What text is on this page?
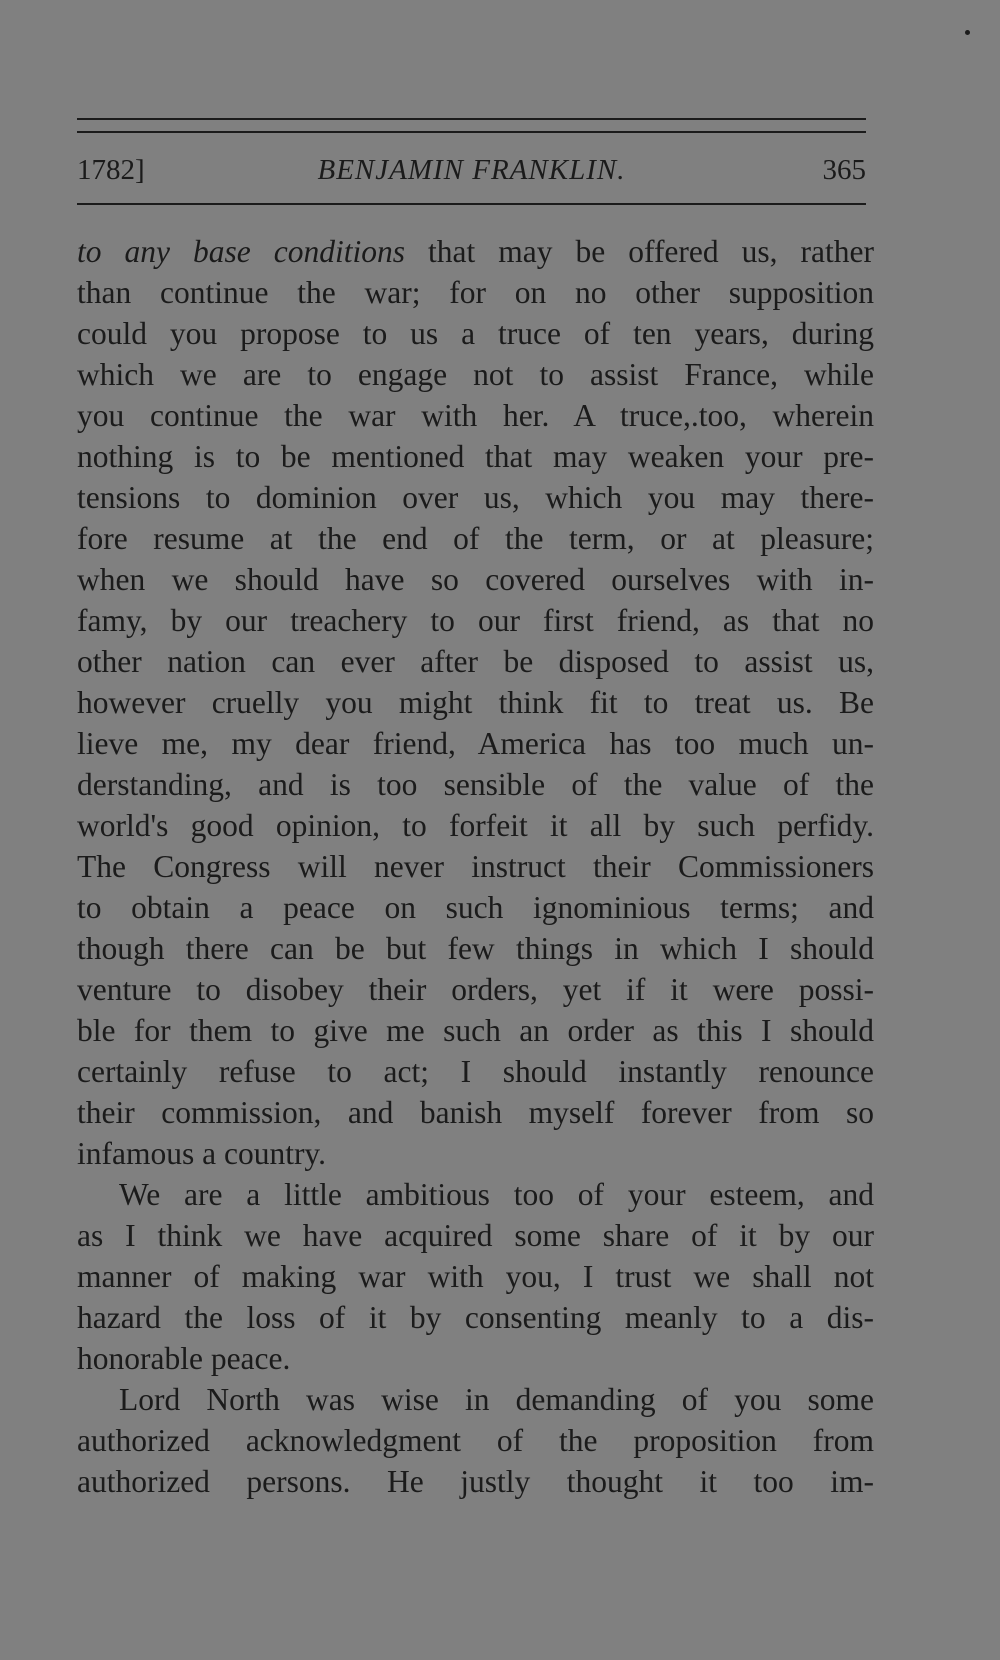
1782]	BENJAMIN FRANKLIN.	365
to any base conditions that may be offered us, rather
than continue the war; for on no other supposition
could you propose to us a truce of ten years, during
which we are to engage not to assist France, while
you continue the war with her. A truce,.too, wherein
nothing is to be mentioned that may weaken your pre-
tensions to dominion over us, which you may there-
fore resume at the end of the term, or at pleasure;
when we should have so covered ourselves with in-
famy, by our treachery to our first friend, as that no
other nation can ever after be disposed to assist us,
however cruelly you might think fit to treat us. Be
lieve me, my dear friend, America has too much un-
derstanding, and is too sensible of the value of the
world's good opinion, to forfeit it all by such perfidy.
The Congress will never instruct their Commissioners
to obtain a peace on such ignominious terms; and
though there can be but few things in which I should
venture to disobey their orders, yet if it were possi-
ble for them to give me such an order as this I should
certainly refuse to act; I should instantly renounce
their commission, and banish myself forever from so
infamous a country.
We are a little ambitious too of your esteem, and
as I think we have acquired some share of it by our
manner of making war with you, I trust we shall not
hazard the loss of it by consenting meanly to a dis-
honorable peace.
Lord North was wise in demanding of you some
authorized acknowledgment of the proposition from
authorized persons. He justly thought it too im-
